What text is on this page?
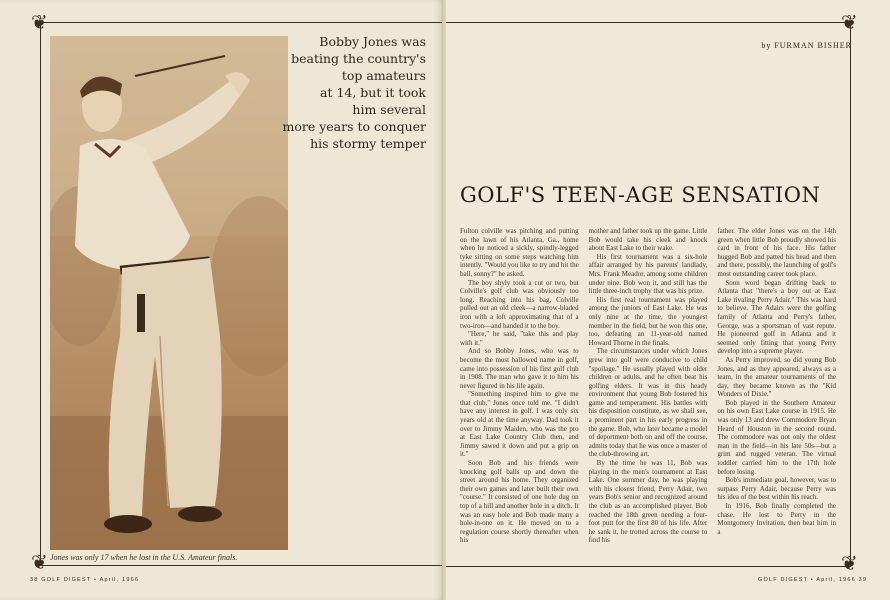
❦
❦ Jones was only 17 when he lost in the U.S. Amateur finals.
Bobby Jones was
beating the country's
top amateurs
at 14, but it took
him several
more years to conquer
his stormy temper
38 GOLF DIGEST • April, 1966
❦
❦
GOLF DIGEST • April, 1966 39
by FURMAN BISHER
GOLF'S TEEN-AGE SENSATION

Fulton colville was pitching and putting on the lawn of his Atlanta, Ga., home when he noticed a sickly, spindly-legged tyke sitting on some steps watching him intently. "Would you like to try and hit the ball, sonny?" he asked.

The boy shyly took a cut or two, but Colville's golf club was obviously too long. Reaching into his bag, Colville pulled out an old cleek—a narrow-bladed iron with a loft approximating that of a two-iron—and handed it to the boy.

"Here," he said, "take this and play with it."

And so Bobby Jones, who was to become the most hallowed name in golf, came into possession of his first golf club in 1908. The man who gave it to him his never figured in his life again.

"Something inspired him to give me that club," Jones once told me. "I didn't have any interest in golf. I was only six years old at the time anyway. Dad took it over to Jimmy Maiden, who was the pro at East Lake Country Club then, and Jimmy sawed it down and put a grip on it."

Soon Bob and his friends were knocking golf balls up and down the street around his home. They organized their own games and later built their own "course." It consisted of one hole dug on top of a hill and another hole in a ditch. It was an easy hole and Bob made many a hole-in-one on it. He moved on to a regulation course shortly thereafter when his

mother and father took up the game. Little Bob would take his cleek and knock about East Lake to their wake.

His first tournament was a six-hole affair arranged by his parents' landlady, Mrs. Frank Meador, among some children under nine. Bob won it, and still has the little three-inch trophy that was his prize.

His first real tournament was played among the juniors of East Lake. He was only nine at the time, the youngest member in the field, but he won this one, too, defeating an 11-year-old named Howard Thorne in the finals.

The circumstances under which Jones grew into golf were conducive to child "spoilage." He usually played with older children or adults, and he often beat his golfing elders. It was in this heady environment that young Bob fostered his game and temperament. His battles with his disposition constitute, as we shall see, a prominent part in his early progress in the game. Bob, who later became a model of deportment both on and off the course, admits today that he was once a master of the club-throwing art.

By the time he was 11, Bob was playing in the men's tournament at East Lake. One summer day, he was playing with his closest friend, Perry Adair, two years Bob's senior and recognized around the club as an accomplished player. Bob reached the 18th green needing a four-foot putt for the first 80 of his life. After he sank it, he trotted across the course to find his

father. The elder Jones was on the 14th green when little Bob proudly showed his card in front of his face. His father hugged Bob and patted his head and then and there, possibly, the launching of golf's most outstanding career took place.

Soon word began drifting back to Atlanta that "there's a boy out at East Lake rivaling Perry Adair." This was hard to believe. The Adairs were the golfing family of Atlanta and Perry's father, George, was a sportsman of vast repute. He pioneered golf in Atlanta and it seemed only fitting that young Perry develop into a supreme player.

As Perry improved, so did young Bob Jones, and as they appeared, always as a team, in the amateur tournaments of the day, they became known as the "Kid Wonders of Dixie."

Bob played in the Southern Amateur on his own East Lake course in 1915. He was only 13 and drew Commodore Bryan Heard of Houston in the second round. The commodore was not only the oldest man in the field—in his late 50s—but a grim and rugged veteran. The virtual toddler carried him to the 17th hole before losing.

Bob's immediate goal, however, was to surpass Perry Adair, because Perry was his idea of the best within his reach.

In 1916, Bob finally completed the chase. He lost to Perry in the Montgomery Invitation, then beat him in a
